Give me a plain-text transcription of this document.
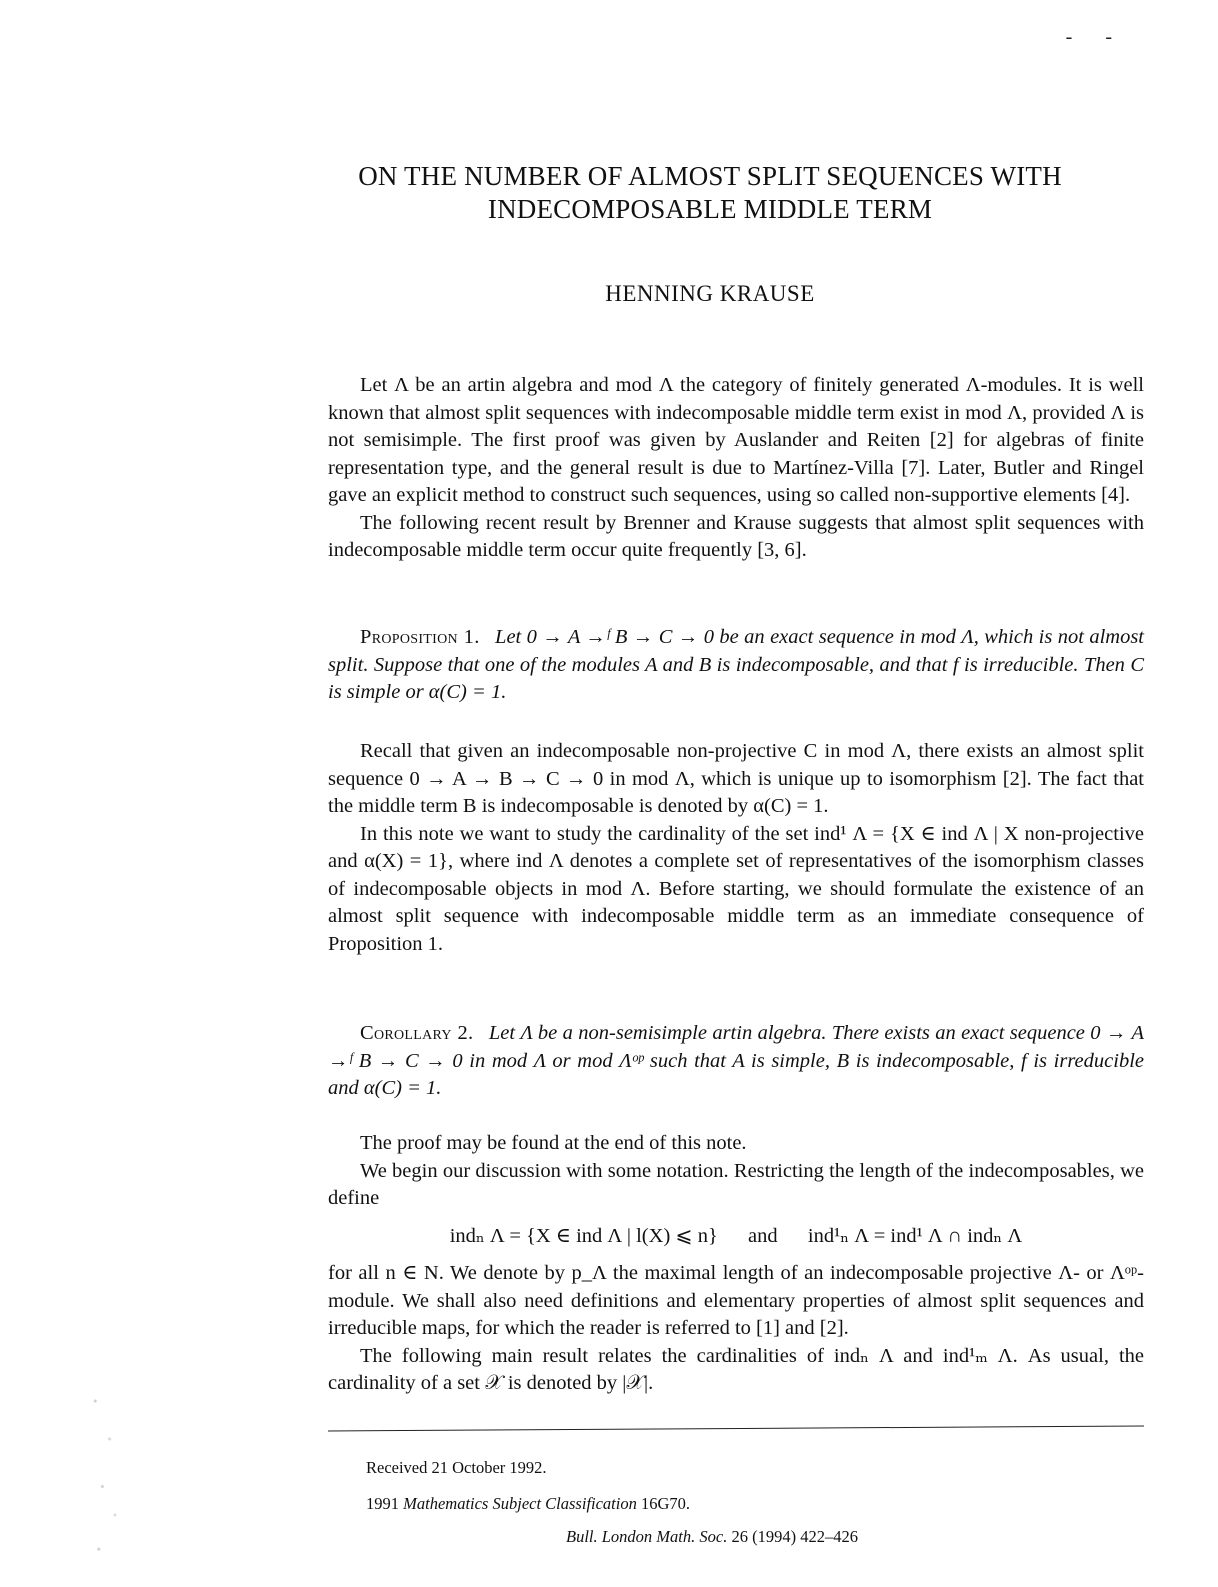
- -
ON THE NUMBER OF ALMOST SPLIT SEQUENCES WITH INDECOMPOSABLE MIDDLE TERM
HENNING KRAUSE

Let Λ be an artin algebra and mod Λ the category of finitely generated Λ-modules. It is well known that almost split sequences with indecomposable middle term exist in mod Λ, provided Λ is not semisimple. The first proof was given by Auslander and Reiten [2] for algebras of finite representation type, and the general result is due to Martínez-Villa [7]. Later, Butler and Ringel gave an explicit method to construct such sequences, using so called non-supportive elements [4].

The following recent result by Brenner and Krause suggests that almost split sequences with indecomposable middle term occur quite frequently [3, 6].

Proposition 1. Let 0 → A →ᶠ B → C → 0 be an exact sequence in mod Λ, which is not almost split. Suppose that one of the modules A and B is indecomposable, and that f is irreducible. Then C is simple or α(C) = 1.

Recall that given an indecomposable non-projective C in mod Λ, there exists an almost split sequence 0 → A → B → C → 0 in mod Λ, which is unique up to isomorphism [2]. The fact that the middle term B is indecomposable is denoted by α(C) = 1.

In this note we want to study the cardinality of the set ind¹ Λ = {X ∈ ind Λ | X non-projective and α(X) = 1}, where ind Λ denotes a complete set of representatives of the isomorphism classes of indecomposable objects in mod Λ. Before starting, we should formulate the existence of an almost split sequence with indecomposable middle term as an immediate consequence of Proposition 1.

Corollary 2. Let Λ be a non-semisimple artin algebra. There exists an exact sequence 0 → A →ᶠ B → C → 0 in mod Λ or mod Λᵒᵖ such that A is simple, B is indecomposable, f is irreducible and α(C) = 1.

The proof may be found at the end of this note.

We begin our discussion with some notation. Restricting the length of the indecomposables, we define

indₙ Λ = {X ∈ ind Λ | l(X) ⩽ n} and ind¹ₙ Λ = ind¹ Λ ∩ indₙ Λ

for all n ∈ N. We denote by p_Λ the maximal length of an indecomposable projective Λ- or Λᵒᵖ-module. We shall also need definitions and elementary properties of almost split sequences and irreducible maps, for which the reader is referred to [1] and [2].

The following main result relates the cardinalities of indₙ Λ and ind¹ₘ Λ. As usual, the cardinality of a set 𝒳 is denoted by |𝒳|.

Received 21 October 1992.
1991 Mathematics Subject Classification 16G70.
Bull. London Math. Soc. 26 (1994) 422–426
